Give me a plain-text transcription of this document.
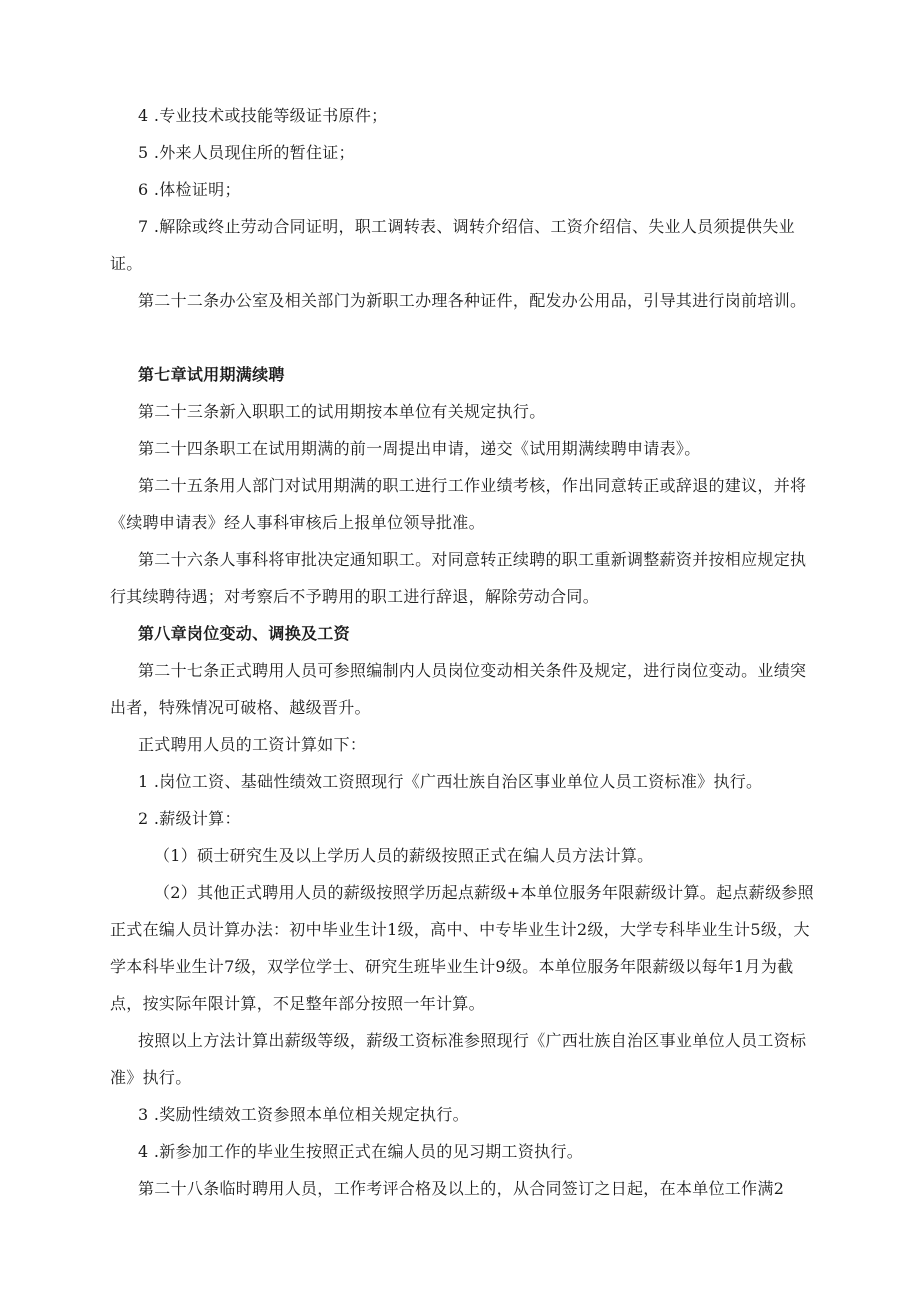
4 .专业技术或技能等级证书原件；

5 .外来人员现住所的暂住证；

6 .体检证明；

7 .解除或终止劳动合同证明，职工调转表、调转介绍信、工资介绍信、失业人员须提供失业证。

第二十二条办公室及相关部门为新职工办理各种证件，配发办公用品，引导其进行岗前培训。

第七章试用期满续聘

第二十三条新入职职工的试用期按本单位有关规定执行。

第二十四条职工在试用期满的前一周提出申请，递交《试用期满续聘申请表》。

第二十五条用人部门对试用期满的职工进行工作业绩考核，作出同意转正或辞退的建议，并将《续聘申请表》经人事科审核后上报单位领导批准。

第二十六条人事科将审批决定通知职工。对同意转正续聘的职工重新调整薪资并按相应规定执行其续聘待遇；对考察后不予聘用的职工进行辞退，解除劳动合同。

第八章岗位变动、调换及工资

第二十七条正式聘用人员可参照编制内人员岗位变动相关条件及规定，进行岗位变动。业绩突出者，特殊情况可破格、越级晋升。

正式聘用人员的工资计算如下：

1 .岗位工资、基础性绩效工资照现行《广西壮族自治区事业单位人员工资标准》执行。

2 .薪级计算：

（1）硕士研究生及以上学历人员的薪级按照正式在编人员方法计算。

（2）其他正式聘用人员的薪级按照学历起点薪级+本单位服务年限薪级计算。起点薪级参照正式在编人员计算办法：初中毕业生计1级，高中、中专毕业生计2级，大学专科毕业生计5级，大学本科毕业生计7级，双学位学士、研究生班毕业生计9级。本单位服务年限薪级以每年1月为截点，按实际年限计算，不足整年部分按照一年计算。

按照以上方法计算出薪级等级，薪级工资标准参照现行《广西壮族自治区事业单位人员工资标准》执行。

3 .奖励性绩效工资参照本单位相关规定执行。

4 .新参加工作的毕业生按照正式在编人员的见习期工资执行。

第二十八条临时聘用人员，工作考评合格及以上的，从合同签订之日起，在本单位工作满2
